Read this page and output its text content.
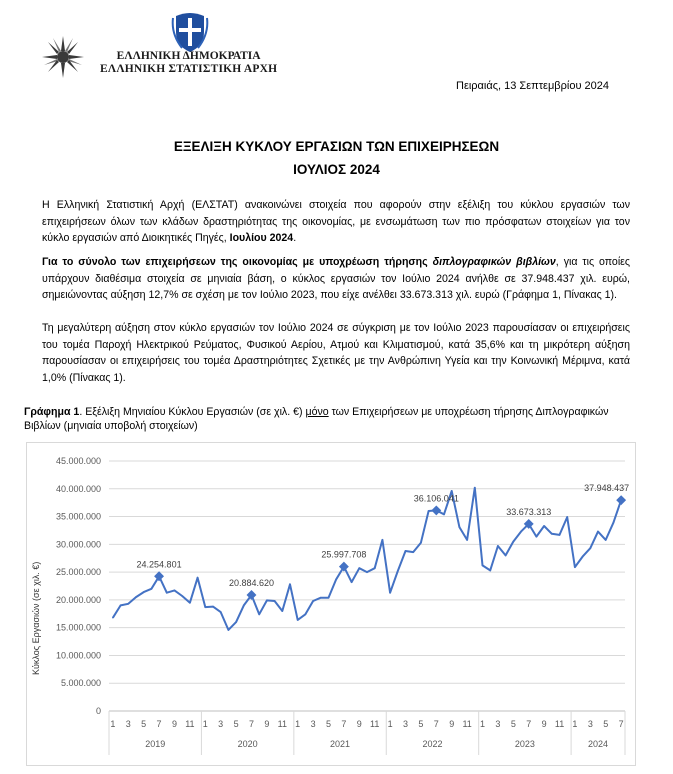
ΕΛΛΗΝΙΚΗ ΔΗΜΟΚΡΑΤΙΑ
ΕΛΛΗΝΙΚΗ ΣΤΑΤΙΣΤΙΚΗ ΑΡΧΗ
Πειραιάς, 13 Σεπτεμβρίου 2024
ΕΞΕΛΙΞΗ ΚΥΚΛΟΥ ΕΡΓΑΣΙΩΝ ΤΩΝ ΕΠΙΧΕΙΡΗΣΕΩΝ
ΙΟΥΛΙΟΣ 2024

Η Ελληνική Στατιστική Αρχή (ΕΛΣΤΑΤ) ανακοινώνει στοιχεία που αφορούν στην εξέλιξη του κύκλου εργασιών των επιχειρήσεων όλων των κλάδων δραστηριότητας της οικονομίας, με ενσωμάτωση των πιο πρόσφατων στοιχείων για τον κύκλο εργασιών από Διοικητικές Πηγές, Ιουλίου 2024.

Για το σύνολο των επιχειρήσεων της οικονομίας με υποχρέωση τήρησης διπλογραφικών βιβλίων, για τις οποίες υπάρχουν διαθέσιμα στοιχεία σε μηνιαία βάση, ο κύκλος εργασιών τον Ιούλιο 2024 ανήλθε σε 37.948.437 χιλ. ευρώ, σημειώνοντας αύξηση 12,7% σε σχέση με τον Ιούλιο 2023, που είχε ανέλθει 33.673.313 χιλ. ευρώ (Γράφημα 1, Πίνακας 1).

Τη μεγαλύτερη αύξηση στον κύκλο εργασιών τον Ιούλιο 2024 σε σύγκριση με τον Ιούλιο 2023 παρουσίασαν οι επιχειρήσεις του τομέα Παροχή Ηλεκτρικού Ρεύματος, Φυσικού Αερίου, Ατμού και Κλιματισμού, κατά 35,6% και τη μικρότερη αύξηση παρουσίασαν οι επιχειρήσεις του τομέα Δραστηριότητες Σχετικές με την Ανθρώπινη Υγεία και την Κοινωνική Μέριμνα, κατά 1,0% (Πίνακας 1).

Γράφημα 1. Εξέλιξη Μηνιαίου Κύκλου Εργασιών (σε χιλ. €) μόνο των Επιχειρήσεων με υποχρέωση τήρησης Διπλογραφικών Βιβλίων (μηνιαία υποβολή στοιχείων)
0
5.000.000
10.000.000
15.000.000
20.000.000
25.000.000
30.000.000
35.000.000
40.000.000
45.000.000
1 3 5 7 9 11
2019
1 3 5 7 9 11
2020
1 3 5 7 9 11
2021
1 3 5 7 9 11
2022
1 3 5 7 9 11
2023
1 3 5 7
2024
24.254.801
20.884.620
25.997.708
36.106.041
33.673.313
37.948.437
Κύκλος Εργασιών (σε χιλ. €)
